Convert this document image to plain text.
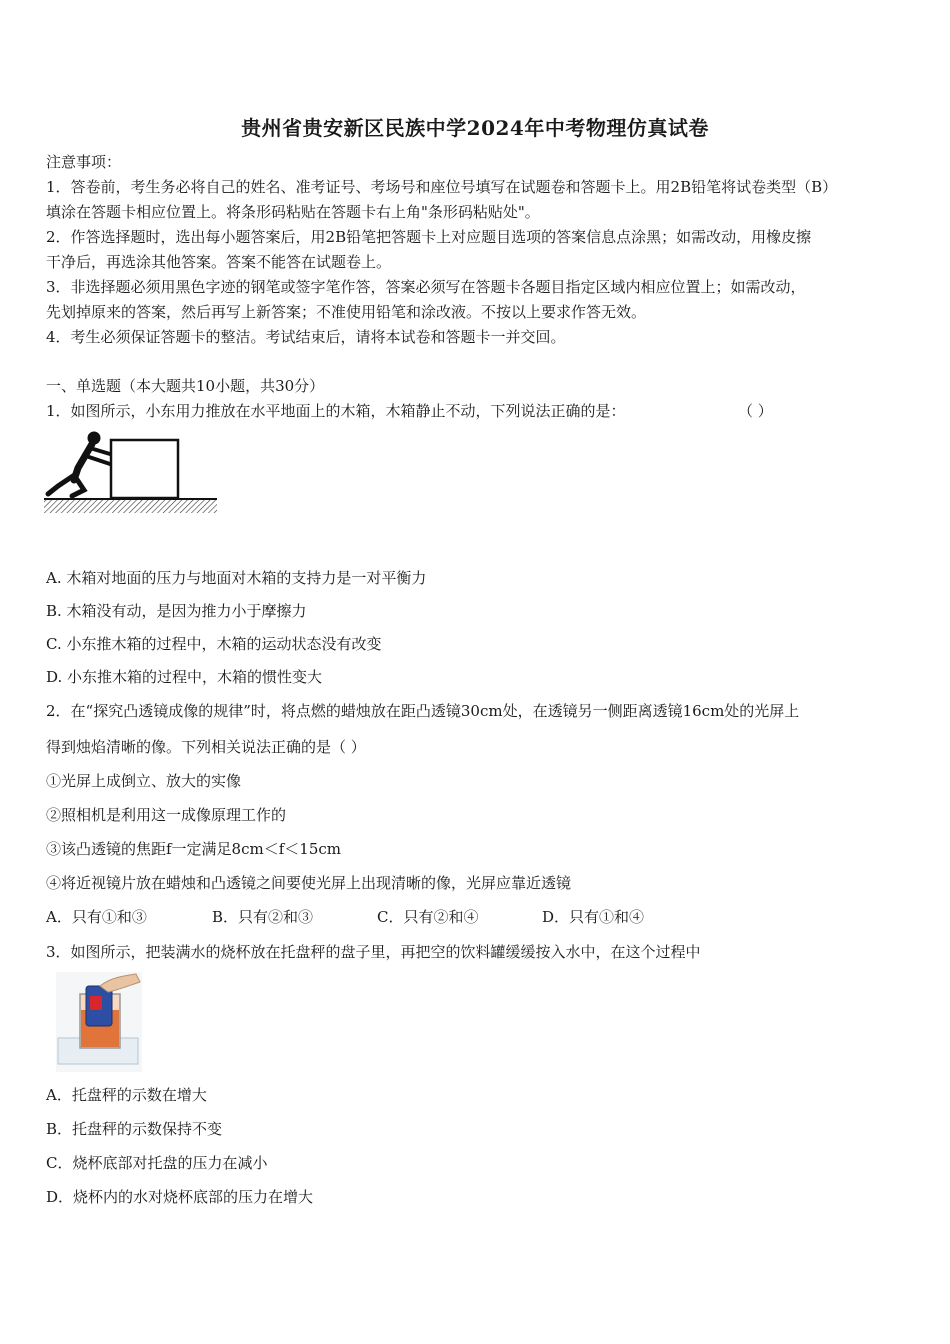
贵州省贵安新区民族中学2024年中考物理仿真试卷
注意事项：
1．答卷前，考生务必将自己的姓名、准考证号、考场号和座位号填写在试题卷和答题卡上。用2B铅笔将试卷类型（B）
填涂在答题卡相应位置上。将条形码粘贴在答题卡右上角"条形码粘贴处"。
2．作答选择题时，选出每小题答案后，用2B铅笔把答题卡上对应题目选项的答案信息点涂黑；如需改动，用橡皮擦
干净后，再选涂其他答案。答案不能答在试题卷上。
3．非选择题必须用黑色字迹的钢笔或签字笔作答，答案必须写在答题卡各题目指定区域内相应位置上；如需改动，
先划掉原来的答案，然后再写上新答案；不准使用铅笔和涂改液。不按以上要求作答无效。
4．考生必须保证答题卡的整洁。考试结束后，请将本试卷和答题卡一并交回。
一、单选题（本大题共10小题，共30分）
1．如图所示，小东用力推放在水平地面上的木箱，木箱静止不动，下列说法正确的是：	（ ）
A. 木箱对地面的压力与地面对木箱的支持力是一对平衡力
B. 木箱没有动，是因为推力小于摩擦力
C. 小东推木箱的过程中，木箱的运动状态没有改变
D. 小东推木箱的过程中，木箱的惯性变大
2．在“探究凸透镜成像的规律”时，将点燃的蜡烛放在距凸透镜30cm处，在透镜另一侧距离透镜16cm处的光屏上
得到烛焰清晰的像。下列相关说法正确的是（ ）
①光屏上成倒立、放大的实像
②照相机是利用这一成像原理工作的
③该凸透镜的焦距f一定满足8cm＜f＜15cm
④将近视镜片放在蜡烛和凸透镜之间要使光屏上出现清晰的像，光屏应靠近透镜
A．只有①和③	B．只有②和③	C．只有②和④	D．只有①和④
3．如图所示，把装满水的烧杯放在托盘秤的盘子里，再把空的饮料罐缓缓按入水中，在这个过程中
A．托盘秤的示数在增大
B．托盘秤的示数保持不变
C．烧杯底部对托盘的压力在减小
D．烧杯内的水对烧杯底部的压力在增大
